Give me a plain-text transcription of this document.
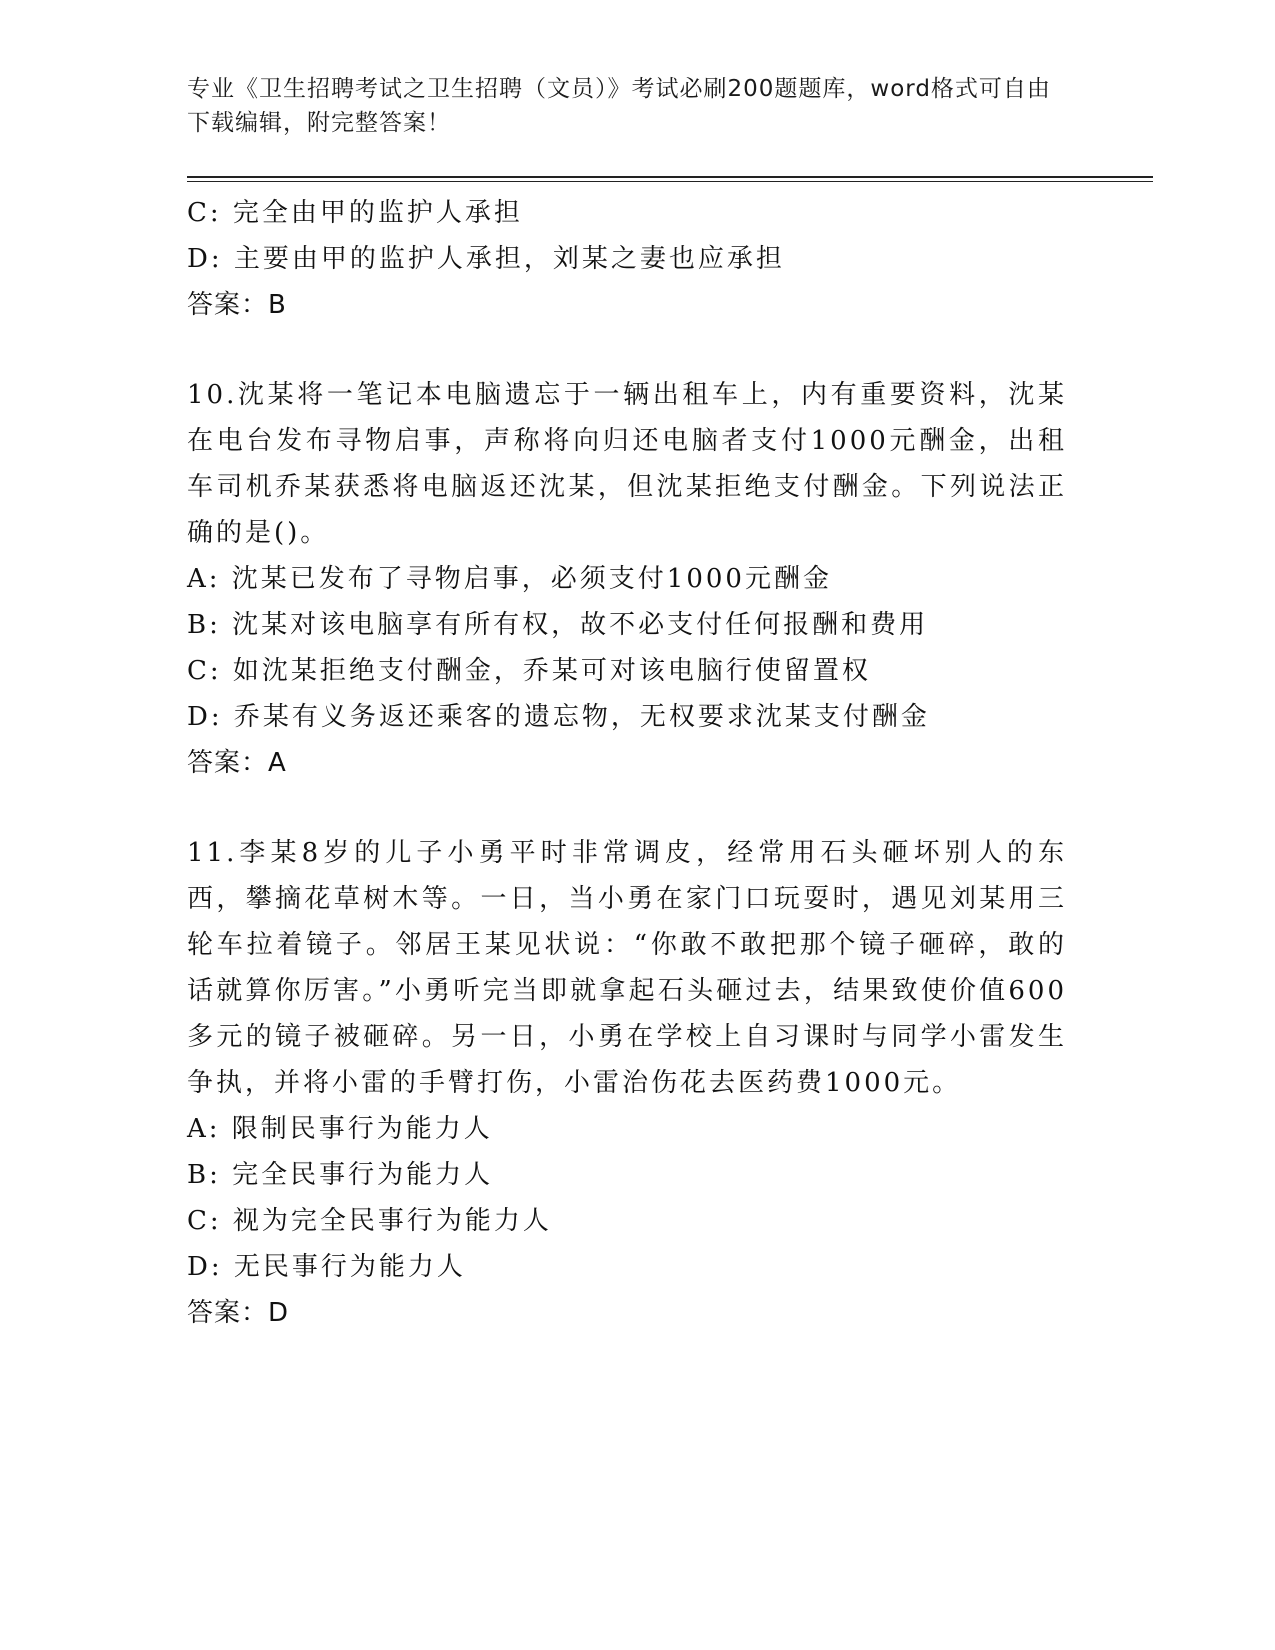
专业《卫生招聘考试之卫生招聘（文员）》考试必刷200题题库，word格式可自由下载编辑，附完整答案！
C: 完全由甲的监护人承担
D: 主要由甲的监护人承担，刘某之妻也应承担
答案：B
10.沈某将一笔记本电脑遗忘于一辆出租车上，内有重要资料，沈某在电台发布寻物启事，声称将向归还电脑者支付1000元酬金，出租车司机乔某获悉将电脑返还沈某，但沈某拒绝支付酬金。下列说法正确的是()。
A: 沈某已发布了寻物启事，必须支付1000元酬金
B: 沈某对该电脑享有所有权，故不必支付任何报酬和费用
C: 如沈某拒绝支付酬金，乔某可对该电脑行使留置权
D: 乔某有义务返还乘客的遗忘物，无权要求沈某支付酬金
答案：A
11.李某8岁的儿子小勇平时非常调皮，经常用石头砸坏别人的东西，攀摘花草树木等。一日，当小勇在家门口玩耍时，遇见刘某用三轮车拉着镜子。邻居王某见状说：“你敢不敢把那个镜子砸碎，敢的话就算你厉害。”小勇听完当即就拿起石头砸过去，结果致使价值600多元的镜子被砸碎。另一日，小勇在学校上自习课时与同学小雷发生争执，并将小雷的手臂打伤，小雷治伤花去医药费1000元。
A: 限制民事行为能力人
B: 完全民事行为能力人
C: 视为完全民事行为能力人
D: 无民事行为能力人
答案：D
